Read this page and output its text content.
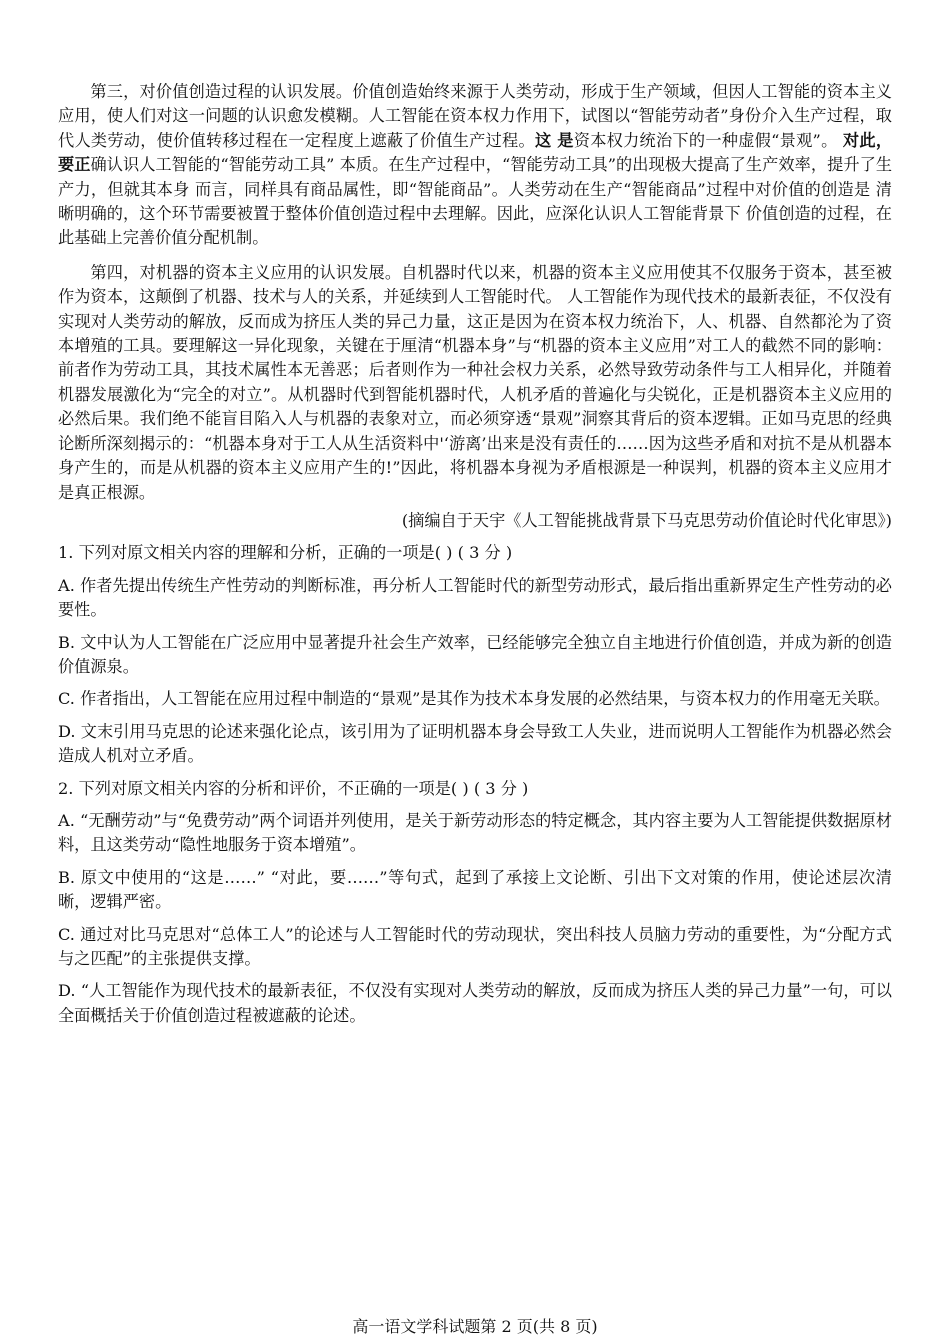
第三，对价值创造过程的认识发展。价值创造始终来源于人类劳动，形成于生产领域，但因人工智能的资本主义应用，使人们对这一问题的认识愈发模糊。人工智能在资本权力作用下，试图以“智能劳动者”身份介入生产过程，取代人类劳动，使价值转移过程在一定程度上遮蔽了价值生产过程。这 是资本权力统治下的一种虚假“景观”。 对此，要正确认识人工智能的“智能劳动工具” 本质。在生产过程中，“智能劳动工具”的出现极大提高了生产效率，提升了生产力，但就其本身 而言，同样具有商品属性，即“智能商品”。人类劳动在生产“智能商品”过程中对价值的创造是 清晰明确的，这个环节需要被置于整体价值创造过程中去理解。因此，应深化认识人工智能背景下 价值创造的过程，在此基础上完善价值分配机制。

第四，对机器的资本主义应用的认识发展。自机器时代以来，机器的资本主义应用使其不仅服务于资本，甚至被作为资本，这颠倒了机器、技术与人的关系，并延续到人工智能时代。 人工智能作为现代技术的最新表征，不仅没有实现对人类劳动的解放，反而成为挤压人类的异己力量，这正是因为在资本权力统治下，人、机器、自然都沦为了资本增殖的工具。要理解这一异化现象，关键在于厘清“机器本身”与“机器的资本主义应用”对工人的截然不同的影响：前者作为劳动工具，其技术属性本无善恶；后者则作为一种社会权力关系，必然导致劳动条件与工人相异化，并随着机器发展激化为“完全的对立”。从机器时代到智能机器时代，人机矛盾的普遍化与尖锐化，正是机器资本主义应用的必然后果。我们绝不能盲目陷入人与机器的表象对立，而必须穿透“景观”洞察其背后的资本逻辑。正如马克思的经典论断所深刻揭示的：“机器本身对于工人从生活资料中'‘游离’出来是没有责任的……因为这些矛盾和对抗不是从机器本身产生的，而是从机器的资本主义应用产生的!”因此，将机器本身视为矛盾根源是一种误判，机器的资本主义应用才是真正根源。

(摘编自于天宇《人工智能挑战背景下马克思劳动价值论时代化审思》)

1. 下列对原文相关内容的理解和分析，正确的一项是( ) ( 3 分 )

A. 作者先提出传统生产性劳动的判断标准，再分析人工智能时代的新型劳动形式，最后指出重新界定生产性劳动的必要性。

B. 文中认为人工智能在广泛应用中显著提升社会生产效率，已经能够完全独立自主地进行价值创造，并成为新的创造价值源泉。

C. 作者指出，人工智能在应用过程中制造的“景观”是其作为技术本身发展的必然结果，与资本权力的作用毫无关联。

D. 文末引用马克思的论述来强化论点，该引用为了证明机器本身会导致工人失业，进而说明人工智能作为机器必然会造成人机对立矛盾。

2. 下列对原文相关内容的分析和评价，不正确的一项是( ) ( 3 分 )

A. “无酬劳动”与“免费劳动”两个词语并列使用，是关于新劳动形态的特定概念，其内容主要为人工智能提供数据原材料，且这类劳动“隐性地服务于资本增殖”。

B. 原文中使用的“这是……” “对此，要……”等句式，起到了承接上文论断、引出下文对策的作用，使论述层次清晰，逻辑严密。

C. 通过对比马克思对“总体工人”的论述与人工智能时代的劳动现状，突出科技人员脑力劳动的重要性，为“分配方式与之匹配”的主张提供支撑。

D. “人工智能作为现代技术的最新表征，不仅没有实现对人类劳动的解放，反而成为挤压人类的异己力量”一句，可以全面概括关于价值创造过程被遮蔽的论述。

高一语文学科试题第 2 页(共 8 页)
